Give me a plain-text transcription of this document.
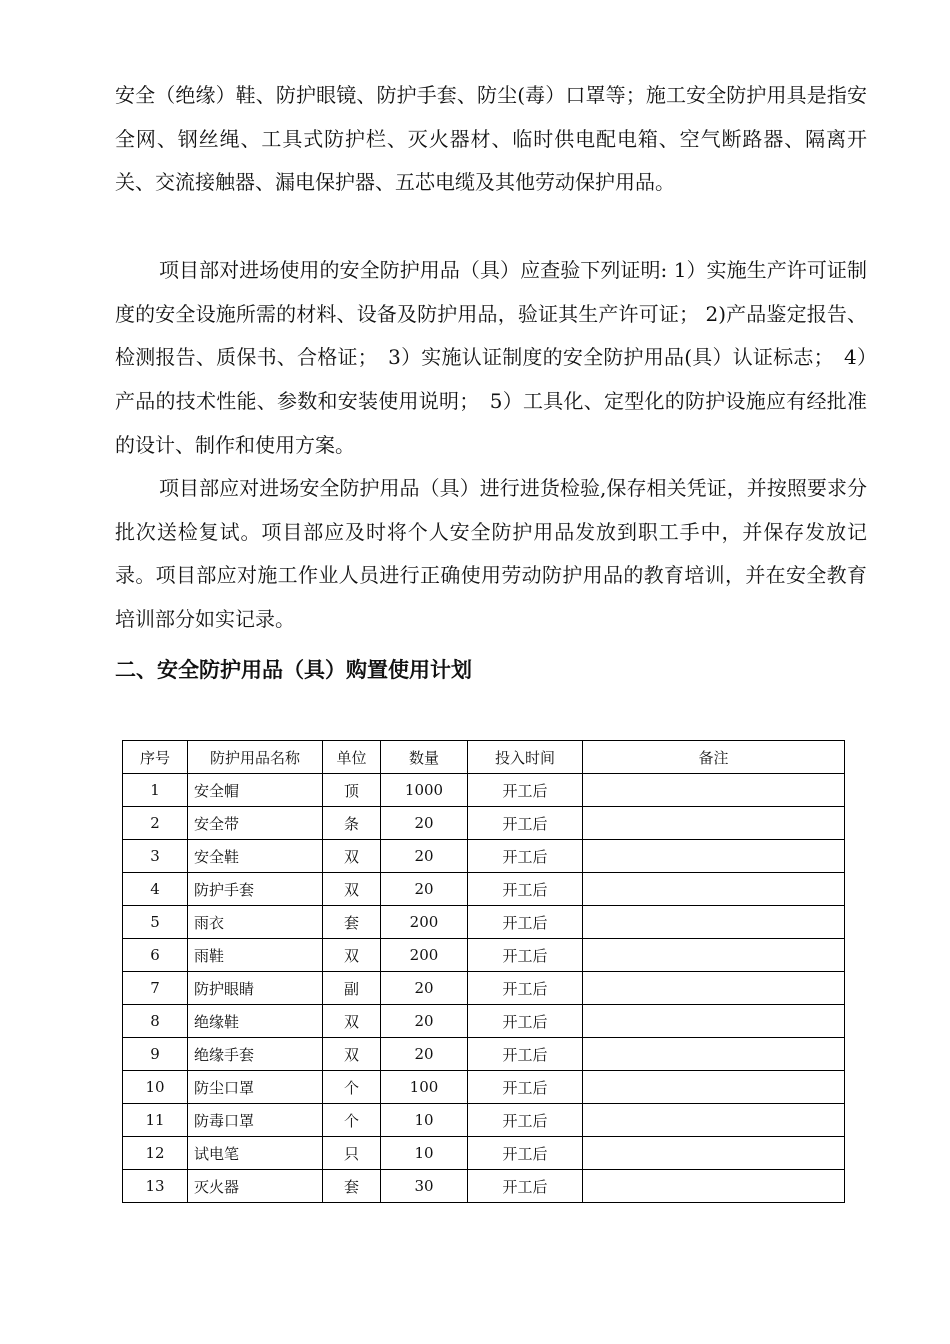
安全（绝缘）鞋、防护眼镜、防护手套、防尘(毒）口罩等；施工安全防护用具是指安全网、钢丝绳、工具式防护栏、灭火器材、临时供电配电箱、空气断路器、隔离开关、交流接触器、漏电保护器、五芯电缆及其他劳动保护用品。

项目部对进场使用的安全防护用品（具）应查验下列证明: 1）实施生产许可证制度的安全设施所需的材料、设备及防护用品，验证其生产许可证； 2)产品鉴定报告、检测报告、质保书、合格证；　3）实施认证制度的安全防护用品(具）认证标志；　4）产品的技术性能、参数和安装使用说明；　5）工具化、定型化的防护设施应有经批准的设计、制作和使用方案。

项目部应对进场安全防护用品（具）进行进货检验,保存相关凭证，并按照要求分批次送检复试。项目部应及时将个人安全防护用品发放到职工手中，并保存发放记录。项目部应对施工作业人员进行正确使用劳动防护用品的教育培训，并在安全教育培训部分如实记录。

二、安全防护用品（具）购置使用计划
序号	防护用品名称	单位	数量	投入时间	备注
1	安全帽	顶	1000	开工后	
2	安全带	条	20	开工后	
3	安全鞋	双	20	开工后	
4	防护手套	双	20	开工后	
5	雨衣	套	200	开工后	
6	雨鞋	双	200	开工后	
7	防护眼睛	副	20	开工后	
8	绝缘鞋	双	20	开工后	
9	绝缘手套	双	20	开工后	
10	防尘口罩	个	100	开工后	
11	防毒口罩	个	10	开工后	
12	试电笔	只	10	开工后	
13	灭火器	套	30	开工后	
